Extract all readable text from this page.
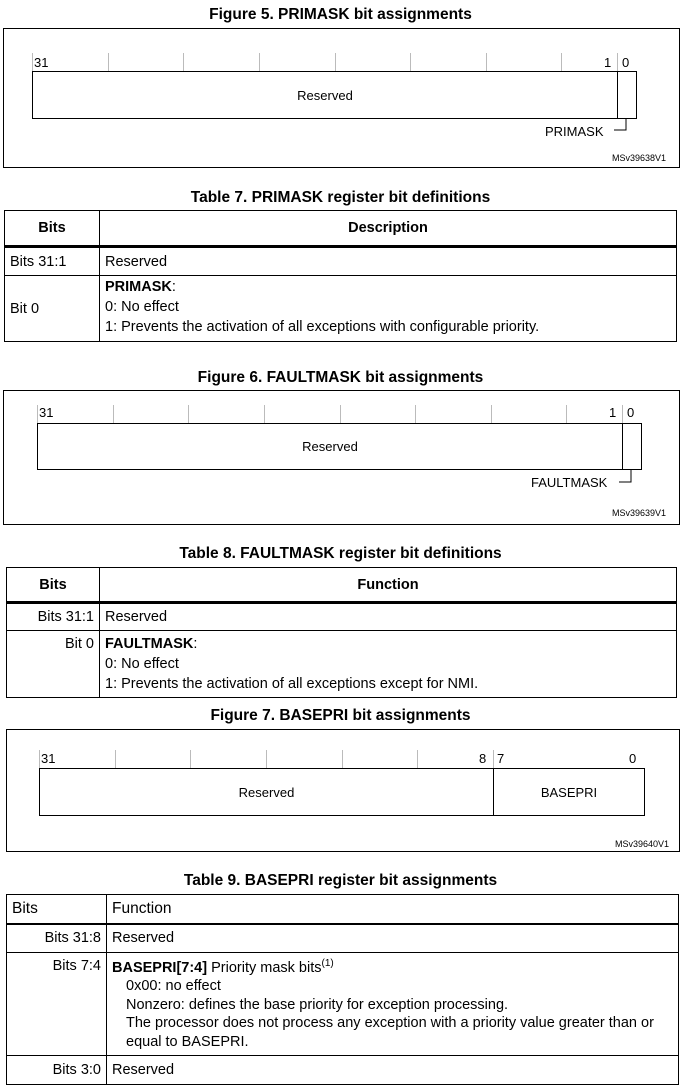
Figure 5. PRIMASK bit assignments
31	1 0
Reserved
PRIMASK
MSv39638V1
Table 7. PRIMASK register bit definitions
Bits	Description
Bits 31:1	Reserved
Bit 0	PRIMASK:
0: No effect
1: Prevents the activation of all exceptions with configurable priority.
Figure 6. FAULTMASK bit assignments
31	1 0
Reserved
FAULTMASK
MSv39639V1
Table 8. FAULTMASK register bit definitions
Bits	Function
Bits 31:1	Reserved
Bit 0	FAULTMASK:
0: No effect
1: Prevents the activation of all exceptions except for NMI.
Figure 7. BASEPRI bit assignments
31	8 7	0
Reserved	BASEPRI
MSv39640V1
Table 9. BASEPRI register bit assignments
Bits	Function
Bits 31:8	Reserved
Bits 7:4	BASEPRI[7:4] Priority mask bits$^{(1)}$
0x00: no effect
Nonzero: defines the base priority for exception processing.
The processor does not process any exception with a priority value greater than or equal to BASEPRI.

Bits 3:0	Reserved
